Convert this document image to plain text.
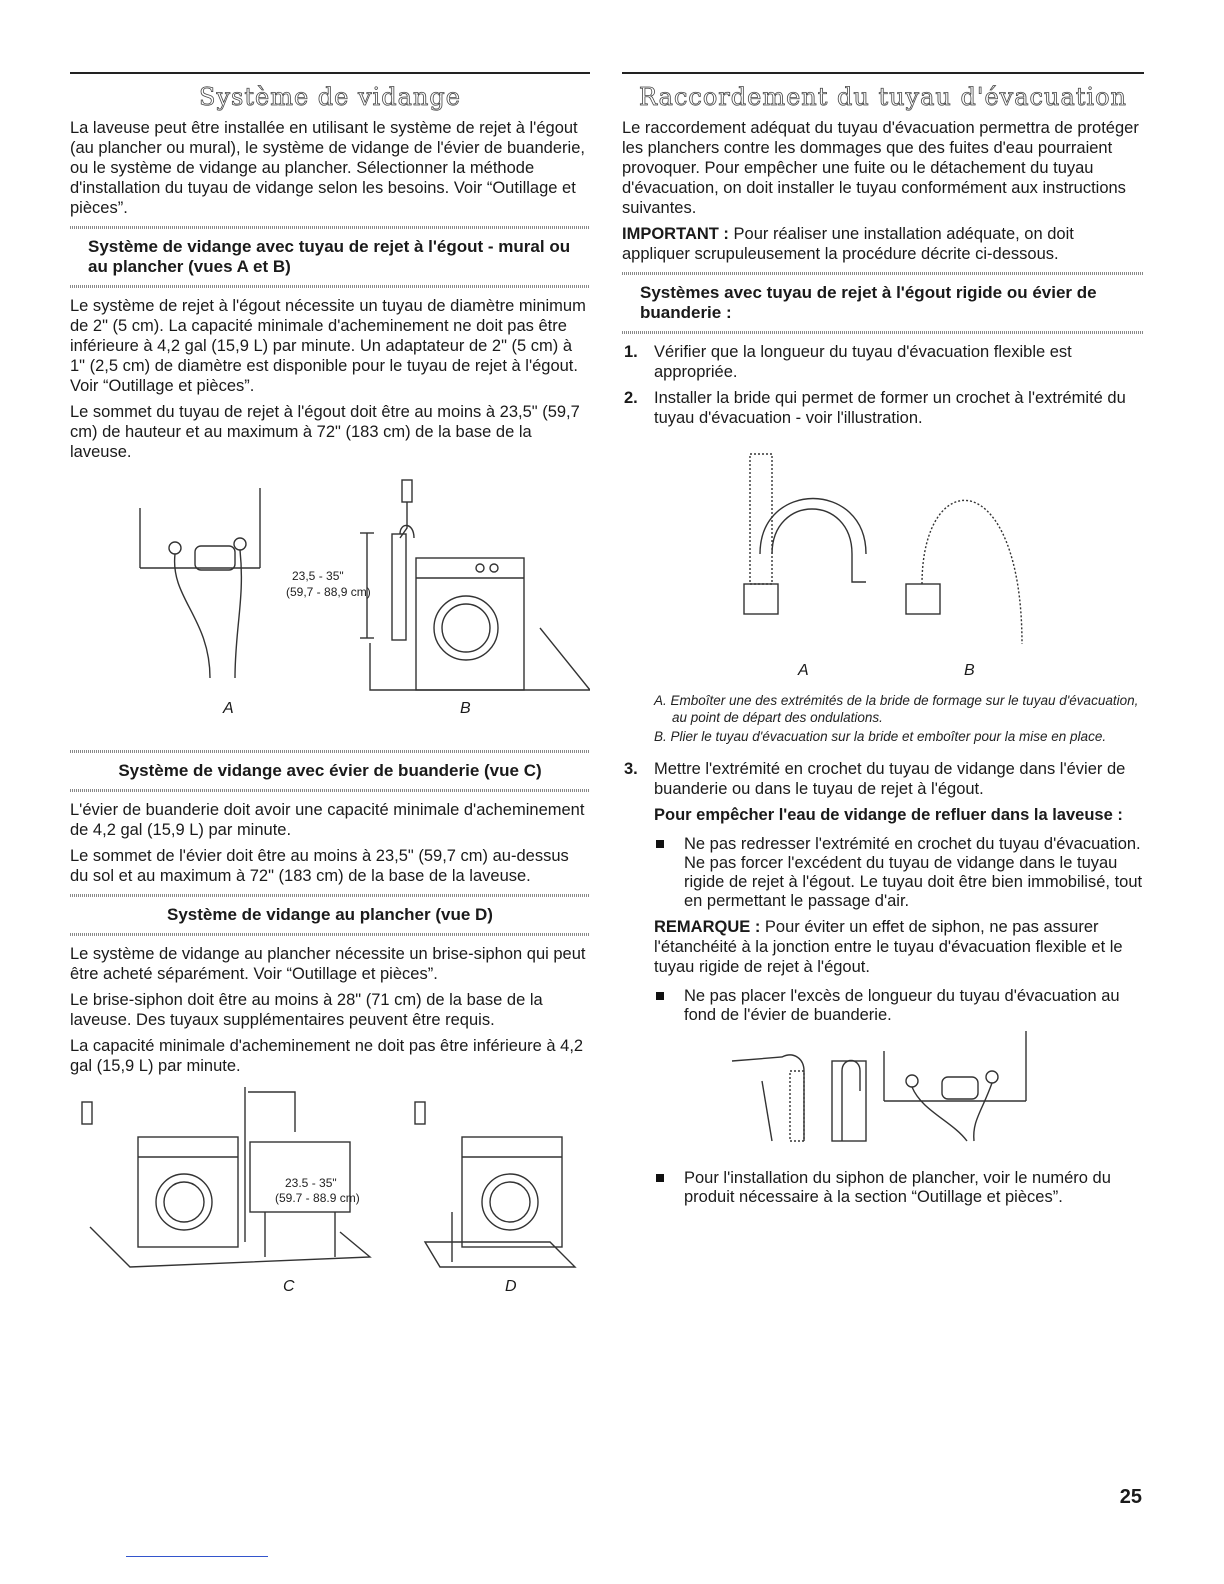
Système de vidange

La laveuse peut être installée en utilisant le système de rejet à l'égout (au plancher ou mural), le système de vidange de l'évier de buanderie, ou le système de vidange au plancher. Sélectionner la méthode d'installation du tuyau de vidange selon les besoins. Voir “Outillage et pièces”.

Système de vidange avec tuyau de rejet à l'égout - mural ou au plancher (vues A et B)

Le système de rejet à l'égout nécessite un tuyau de diamètre minimum de 2" (5 cm). La capacité minimale d'acheminement ne doit pas être inférieure à 4,2 gal (15,9 L) par minute. Un adaptateur de 2" (5 cm) à 1" (2,5 cm) de diamètre est disponible pour le tuyau de rejet à l'égout. Voir “Outillage et pièces”.

Le sommet du tuyau de rejet à l'égout doit être au moins à 23,5" (59,7 cm) de hauteur et au maximum à 72" (183 cm) de la base de la laveuse.

23,5 - 35"
(59,7 - 88,9 cm)
A	B
Système de vidange avec évier de buanderie (vue C)

L'évier de buanderie doit avoir une capacité minimale d'acheminement de 4,2 gal (15,9 L) par minute.

Le sommet de l'évier doit être au moins à 23,5" (59,7 cm) au-dessus du sol et au maximum à 72" (183 cm) de la base de la laveuse.

Système de vidange au plancher (vue D)

Le système de vidange au plancher nécessite un brise-siphon qui peut être acheté séparément. Voir “Outillage et pièces”.

Le brise-siphon doit être au moins à 28" (71 cm) de la base de la laveuse. Des tuyaux supplémentaires peuvent être requis.

La capacité minimale d'acheminement ne doit pas être inférieure à 4,2 gal (15,9 L) par minute.

23.5 - 35"
(59.7 - 88.9 cm)
C	D
Raccordement du tuyau d'évacuation

Le raccordement adéquat du tuyau d'évacuation permettra de protéger les planchers contre les dommages que des fuites d'eau pourraient provoquer. Pour empêcher une fuite ou le détachement du tuyau d'évacuation, on doit installer le tuyau conformément aux instructions suivantes.

IMPORTANT : Pour réaliser une installation adéquate, on doit appliquer scrupuleusement la procédure décrite ci-dessous.

Systèmes avec tuyau de rejet à l'égout rigide ou évier de buanderie :
1. Vérifier que la longueur du tuyau d'évacuation flexible est appropriée.
2. Installer la bride qui permet de former un crochet à l'extrémité du tuyau d'évacuation - voir l'illustration.
A	B
A. Emboîter une des extrémités de la bride de formage sur le tuyau d'évacuation, au point de départ des ondulations.
B. Plier le tuyau d'évacuation sur la bride et emboîter pour la mise en place.
3. Mettre l'extrémité en crochet du tuyau de vidange dans l'évier de buanderie ou dans le tuyau de rejet à l'égout.

Pour empêcher l'eau de vidange de refluer dans la laveuse :

Ne pas redresser l'extrémité en crochet du tuyau d'évacuation. Ne pas forcer l'excédent du tuyau de vidange dans le tuyau rigide de rejet à l'égout. Le tuyau doit être bien immobilisé, tout en permettant le passage d'air.

REMARQUE : Pour éviter un effet de siphon, ne pas assurer l'étanchéité à la jonction entre le tuyau d'évacuation flexible et le tuyau rigide de rejet à l'égout.

Ne pas placer l'excès de longueur du tuyau d'évacuation au fond de l'évier de buanderie.
Pour l'installation du siphon de plancher, voir le numéro du produit nécessaire à la section “Outillage et pièces”.
25
